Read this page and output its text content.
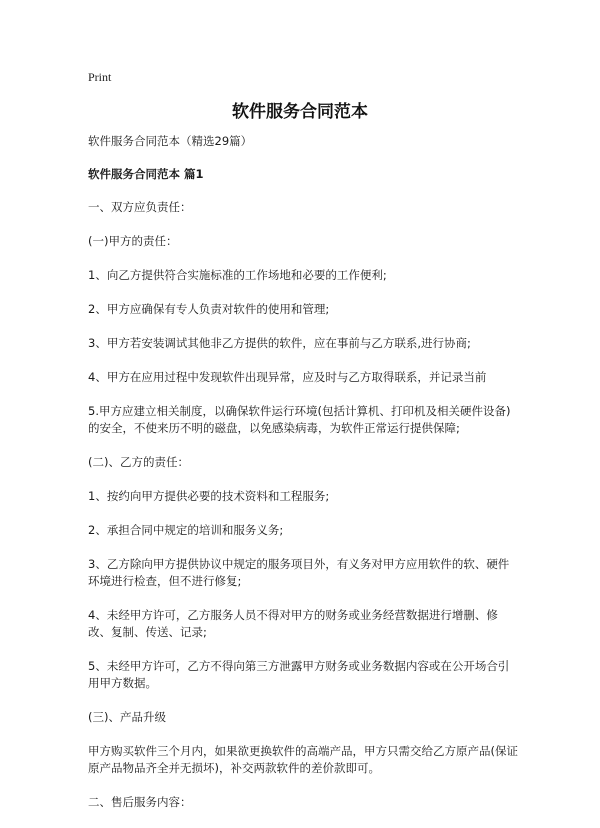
Print
软件服务合同范本

软件服务合同范本（精选29篇）

软件服务合同范本 篇1

一、双方应负责任：

(一)甲方的责任：

1、向乙方提供符合实施标准的工作场地和必要的工作便利;

2、甲方应确保有专人负责对软件的使用和管理;

3、甲方若安装调试其他非乙方提供的软件，应在事前与乙方联系,进行协商;

4、甲方在应用过程中发现软件出现异常，应及时与乙方取得联系，并记录当前

5.甲方应建立相关制度，以确保软件运行环境(包括计算机、打印机及相关硬件设备)的安全，不使来历不明的磁盘，以免感染病毒，为软件正常运行提供保障;

(二)、乙方的责任：

1、按约向甲方提供必要的技术资料和工程服务;

2、承担合同中规定的培训和服务义务;

3、乙方除向甲方提供协议中规定的服务项目外，有义务对甲方应用软件的软、硬件环境进行检查，但不进行修复;

4、未经甲方许可，乙方服务人员不得对甲方的财务或业务经营数据进行增删、修改、复制、传送、记录;

5、未经甲方许可，乙方不得向第三方泄露甲方财务或业务数据内容或在公开场合引用甲方数据。

(三)、产品升级

甲方购买软件三个月内，如果欲更换软件的高端产品，甲方只需交给乙方原产品(保证原产品物品齐全并无损坏)，补交两款软件的差价款即可。

二、售后服务内容：
